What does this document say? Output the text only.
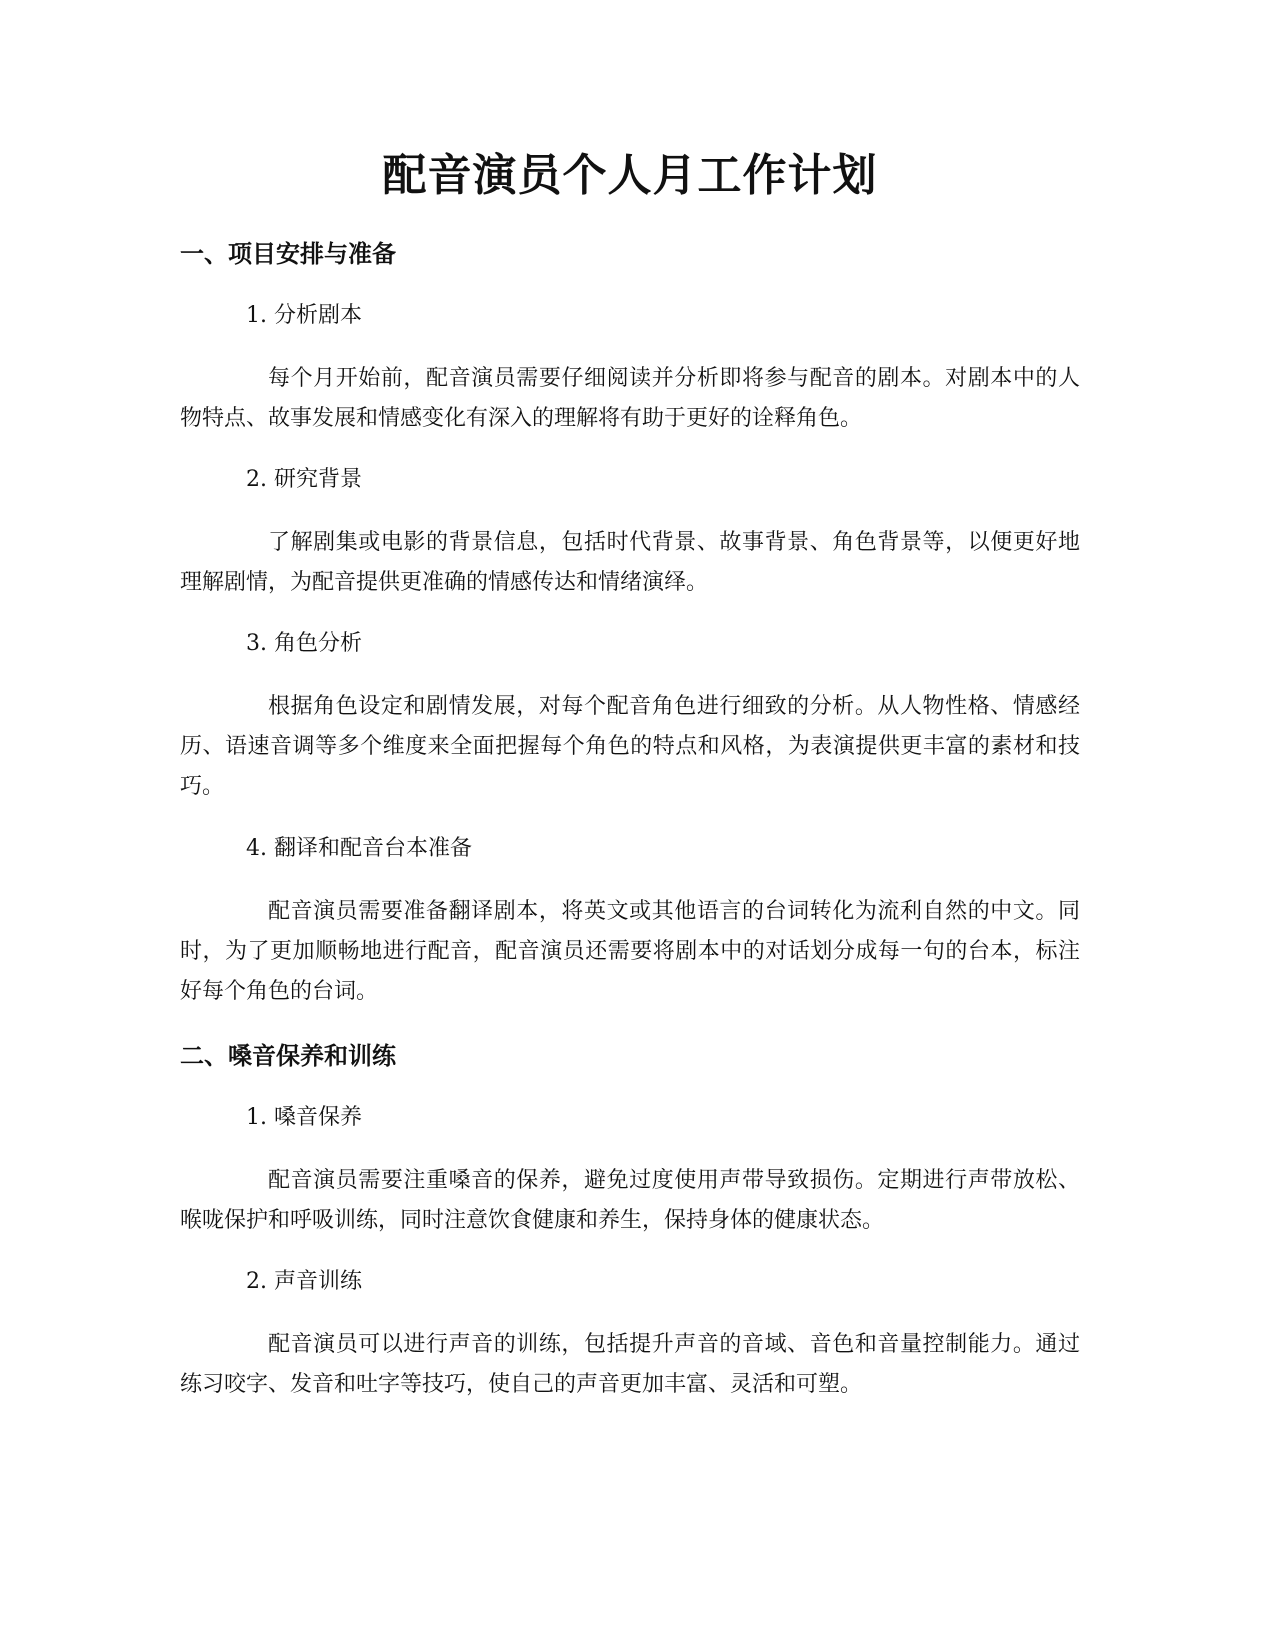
配音演员个人月工作计划
一、项目安排与准备

1. 分析剧本

每个月开始前，配音演员需要仔细阅读并分析即将参与配音的剧本。对剧本中的人物特点、故事发展和情感变化有深入的理解将有助于更好的诠释角色。

2. 研究背景

了解剧集或电影的背景信息，包括时代背景、故事背景、角色背景等，以便更好地理解剧情，为配音提供更准确的情感传达和情绪演绎。

3. 角色分析

根据角色设定和剧情发展，对每个配音角色进行细致的分析。从人物性格、情感经历、语速音调等多个维度来全面把握每个角色的特点和风格，为表演提供更丰富的素材和技巧。

4. 翻译和配音台本准备

配音演员需要准备翻译剧本，将英文或其他语言的台词转化为流利自然的中文。同时，为了更加顺畅地进行配音，配音演员还需要将剧本中的对话划分成每一句的台本，标注好每个角色的台词。

二、嗓音保养和训练

1. 嗓音保养

配音演员需要注重嗓音的保养，避免过度使用声带导致损伤。定期进行声带放松、喉咙保护和呼吸训练，同时注意饮食健康和养生，保持身体的健康状态。

2. 声音训练

配音演员可以进行声音的训练，包括提升声音的音域、音色和音量控制能力。通过练习咬字、发音和吐字等技巧，使自己的声音更加丰富、灵活和可塑。
